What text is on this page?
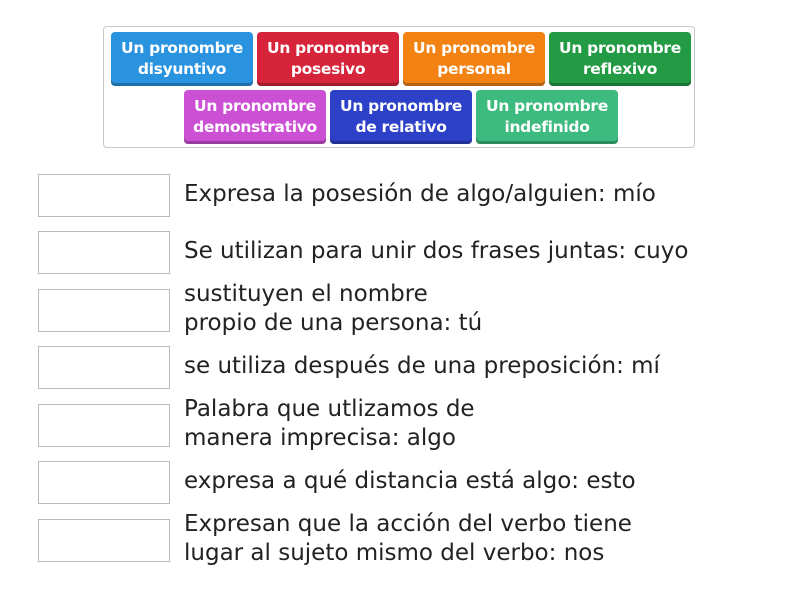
Un pronombre
disyuntivo
Un pronombre
posesivo
Un pronombre
personal
Un pronombre
reflexivo
Un pronombre
demonstrativo
Un pronombre
de relativo
Un pronombre
indefinido
Expresa la posesión de algo/alguien: mío
Se utilizan para unir dos frases juntas: cuyo
sustituyen el nombre
propio de una persona: tú
se utiliza después de una preposición: mí
Palabra que utlizamos de
manera imprecisa: algo
expresa a qué distancia está algo: esto
Expresan que la acción del verbo tiene
lugar al sujeto mismo del verbo: nos
